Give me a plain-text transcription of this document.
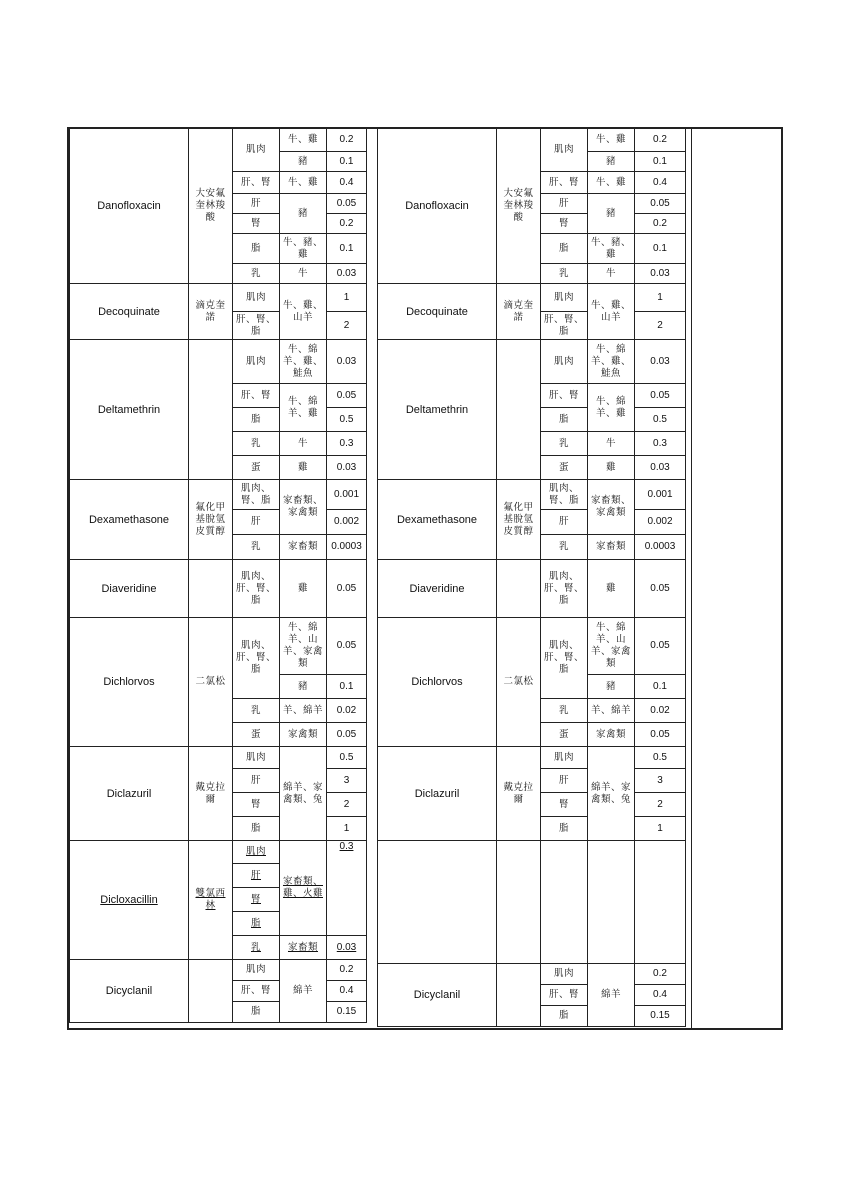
Danofloxacin	大安氟奎林羧酸	肌肉	牛、雞	0.2
			豬	0.1
		肝、腎	牛、雞	0.4
		肝	豬	0.05
		腎		0.2
		脂	牛、豬、雞	0.1
		乳	牛	0.03
Decoquinate	滴克奎諾	肌肉	牛、雞、山羊	1
		肝、腎、脂		2
Deltamethrin		肌肉	牛、綿羊、雞、鮭魚	0.03
		肝、腎	牛、綿羊、雞	0.05
		脂		0.5
		乳	牛	0.3
		蛋	雞	0.03
Dexamethasone	氟化甲基脫氫皮質醇	肌肉、腎、脂	家畜類、家禽類	0.001
		肝		0.002
		乳	家畜類	0.0003
Diaveridine		肌肉、肝、腎、脂	雞	0.05
Dichlorvos	二氯松	肌肉、肝、腎、脂	牛、綿羊、山羊、家禽類	0.05
			豬	0.1
		乳	羊、綿羊	0.02
		蛋	家禽類	0.05
Diclazuril	戴克拉爾	肌肉	綿羊、家禽類、兔	0.5
		肝		3
		腎		2
		脂		1
Dicloxacillin	雙氯西林	肌肉	家畜類、雞、火雞	0.3
		肝		
		腎		
		脂		
		乳	家畜類	0.03
Dicyclanil		肌肉	綿羊	0.2
		肝、腎		0.4
		脂		0.15
Danofloxacin	大安氟奎林羧酸	肌肉	牛、雞	0.2
			豬	0.1
		肝、腎	牛、雞	0.4
		肝	豬	0.05
		腎		0.2
		脂	牛、豬、雞	0.1
		乳	牛	0.03
Decoquinate	滴克奎諾	肌肉	牛、雞、山羊	1
		肝、腎、脂		2
Deltamethrin		肌肉	牛、綿羊、雞、鮭魚	0.03
		肝、腎	牛、綿羊、雞	0.05
		脂		0.5
		乳	牛	0.3
		蛋	雞	0.03
Dexamethasone	氟化甲基脫氫皮質醇	肌肉、腎、脂	家畜類、家禽類	0.001
		肝		0.002
		乳	家畜類	0.0003
Diaveridine		肌肉、肝、腎、脂	雞	0.05
Dichlorvos	二氯松	肌肉、肝、腎、脂	牛、綿羊、山羊、家禽類	0.05
			豬	0.1
		乳	羊、綿羊	0.02
		蛋	家禽類	0.05
Diclazuril	戴克拉爾	肌肉	綿羊、家禽類、兔	0.5
		肝		3
		腎		2
		脂		1

Dicyclanil		肌肉	綿羊	0.2
		肝、腎		0.4
		脂		0.15
